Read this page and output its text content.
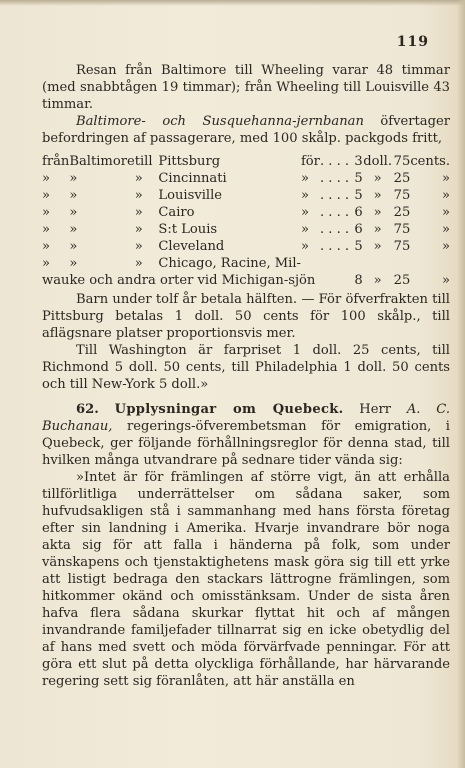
119

Resan från Baltimore till Wheeling varar 48 timmar (med snabbtågen 19 timmar); från Wheeling till Louisville 43 timmar.

Baltimore- och Susquehanna-jernbanan öfvertager befordringen af passagerare, med 100 skålp. packgods fritt,

från	Baltimore	till	Pittsburg	för	. . . .	3	doll.	75	cents.
»	»	»	Cincinnati	»	. . . .	5	»	25	»
»	»	»	Louisville	»	. . . .	5	»	75	»
»	»	»	Cairo	»	. . . .	6	»	25	»
»	»	»	S:t Louis	»	. . . .	6	»	75	»
»	»	»	Cleveland	»	. . . .	5	»	75	»
»	»	»	Chicago, Racine, Mil-						
wauke och andra orter vid Michigan-sjön						8	»	25	»

Barn under tolf år betala hälften. — För öfverfrakten till Pittsburg betalas 1 doll. 50 cents för 100 skålp., till aflägsnare platser proportionsvis mer.

Till Washington är farpriset 1 doll. 25 cents, till Richmond 5 doll. 50 cents, till Philadelphia 1 doll. 50 cents och till New-York 5 doll.»

62. Upplysningar om Quebeck. Herr A. C. Buchanau, regerings-öfverembetsman för emigration, i Quebeck, ger följande förhållningsreglor för denna stad, till hvilken många utvandrare på sednare tider vända sig:

»Intet är för främlingen af större vigt, än att erhålla tillförlitliga underrättelser om sådana saker, som hufvudsakligen stå i sammanhang med hans första företag efter sin landning i Amerika. Hvarje invandrare bör noga akta sig för att falla i händerna på folk, som under vänskapens och tjenstaktighetens mask göra sig till ett yrke att listigt bedraga den stackars lättrogne främlingen, som hitkommer okänd och omisstänksam. Under de sista åren hafva flera sådana skurkar flyttat hit och af mången invandrande familjefader tillnarrat sig en icke obetydlig del af hans med svett och möda förvärfvade penningar. För att göra ett slut på detta olyckliga förhållande, har härvarande regering sett sig föranlåten, att här anställa en
